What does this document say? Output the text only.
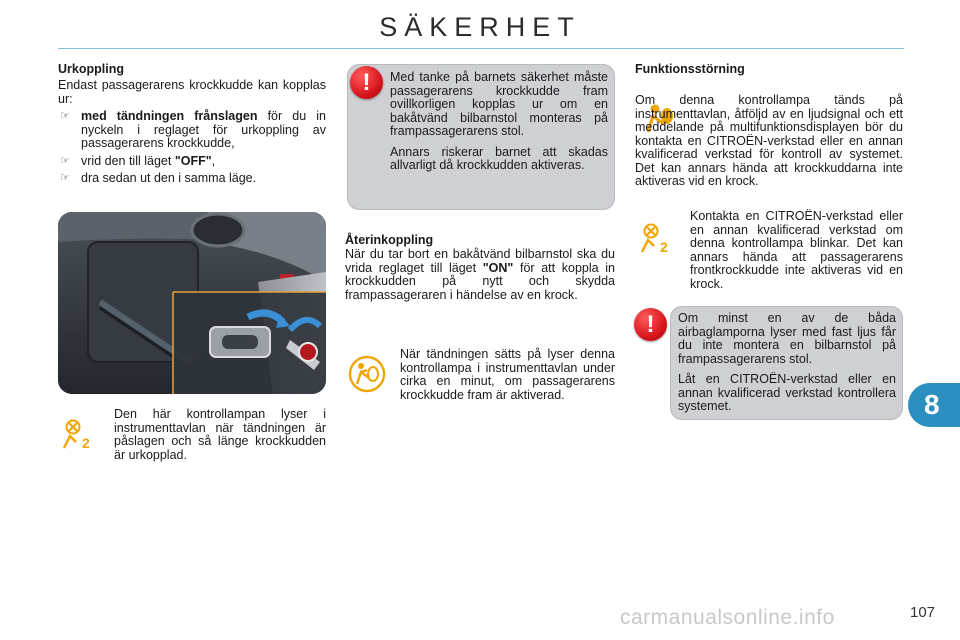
SÄKERHET
Urkoppling

Endast passagerarens krockkudde kan kopplas ur:

☞ med tändningen frånslagen för du in nyckeln i reglaget för urkoppling av passagerarens krockkudde,
☞ vrid den till läget "OFF",
☞ dra sedan ut den i samma läge.
2

Den här kontrollampan lyser i instrumenttavlan när tändningen är påslagen och så länge krockkudden är urkopplad.

Med tanke på barnets säkerhet måste passagerarens krockkudde fram ovillkorligen kopplas ur om en bakåtvänd bilbarnstol monteras på frampassagerarens stol.

Annars riskerar barnet att skadas allvarligt då krockkudden aktiveras.

!
Återinkoppling

När du tar bort en bakåtvänd bilbarnstol ska du vrida reglaget till läget "ON" för att koppla in krockkudden på nytt och skydda frampassageraren i händelse av en krock.

När tändningen sätts på lyser denna kontrollampa i instrumenttavlan under cirka en minut, om passagerarens krockkudde fram är aktiverad.

Funktionsstörning

Om denna kontrollampa tänds på instrumenttavlan, åtföljd av en ljudsignal och ett meddelande på multifunktionsdisplayen bör du kontakta en CITROËN-verkstad eller en annan kvalificerad verkstad för kontroll av systemet. Det kan annars hända att krockkuddarna inte aktiveras vid en krock.

2

Kontakta en CITROËN-verkstad eller en annan kvalificerad verkstad om denna kontrollampa blinkar. Det kan annars hända att passagerarens frontkrockkudde inte aktiveras vid en krock.

Om minst en av de båda airbaglamporna lyser med fast ljus får du inte montera en bilbarnstol på frampassagerarens stol.

Låt en CITROËN-verkstad eller en annan kvalificerad verkstad kontrollera systemet.

!
8
carmanualsonline.info	107
